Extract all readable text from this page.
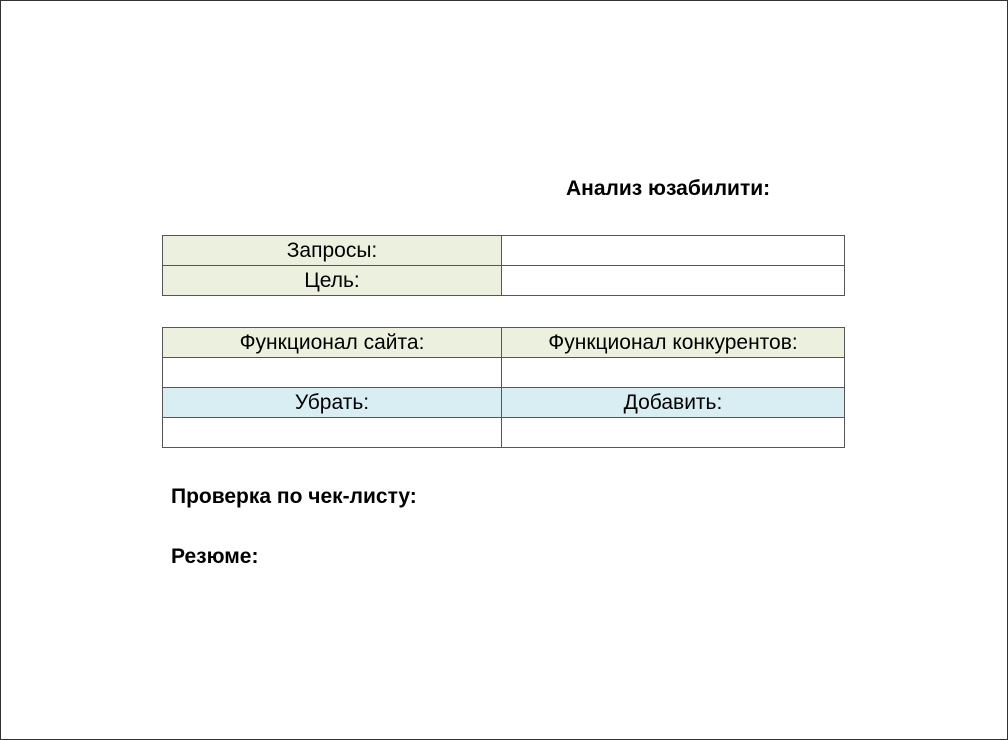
Анализ юзабилити:
Запросы:	
Цель:	
Функционал сайта:	Функционал конкурентов:

Убрать:	Добавить:

Проверка по чек-листу:
Резюме:
